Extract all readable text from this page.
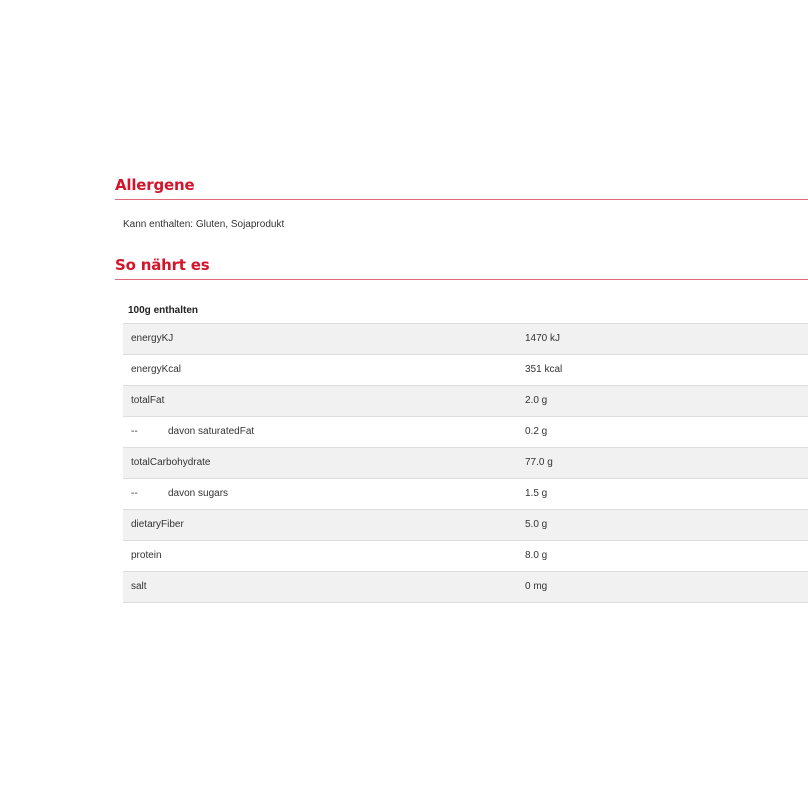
Allergene

Kann enthalten: Gluten, Sojaprodukt

So nährt es
100g enthalten
energyKJ	1470 kJ
energyKcal	351 kcal
totalFat	2.0 g
--	davon saturatedFat	0.2 g
totalCarbohydrate	77.0 g
--	davon sugars	1.5 g
dietaryFiber	5.0 g
protein	8.0 g
salt	0 mg
